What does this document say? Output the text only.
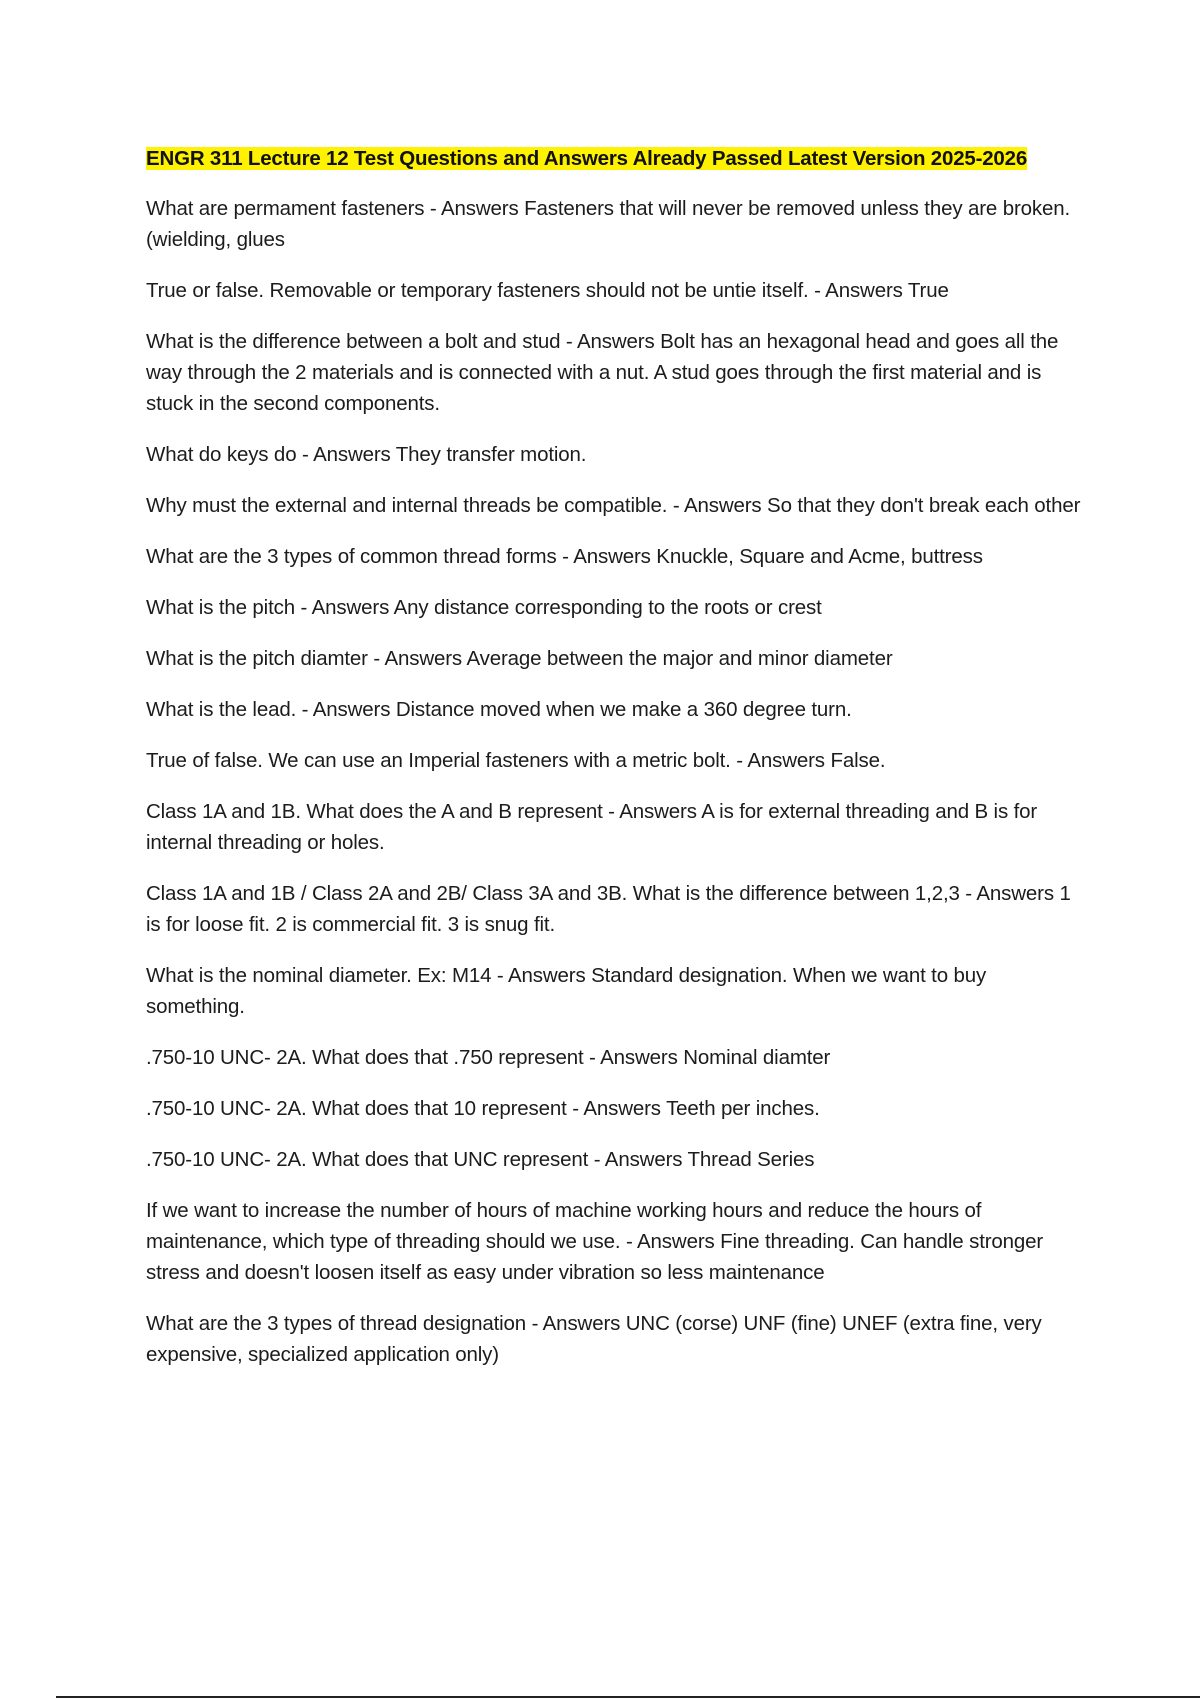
ENGR 311 Lecture 12 Test Questions and Answers Already Passed Latest Version 2025-2026

What are permament fasteners - Answers Fasteners that will never be removed unless they are broken. (wielding, glues

True or false. Removable or temporary fasteners should not be untie itself. - Answers True

What is the difference between a bolt and stud - Answers Bolt has an hexagonal head and goes all the way through the 2 materials and is connected with a nut. A stud goes through the first material and is stuck in the second components.

What do keys do - Answers They transfer motion.

Why must the external and internal threads be compatible. - Answers So that they don't break each other

What are the 3 types of common thread forms - Answers Knuckle, Square and Acme, buttress

What is the pitch - Answers Any distance corresponding to the roots or crest

What is the pitch diamter - Answers Average between the major and minor diameter

What is the lead. - Answers Distance moved when we make a 360 degree turn.

True of false. We can use an Imperial fasteners with a metric bolt. - Answers False.

Class 1A and 1B. What does the A and B represent - Answers A is for external threading and B is for internal threading or holes.

Class 1A and 1B / Class 2A and 2B/ Class 3A and 3B. What is the difference between 1,2,3 - Answers 1 is for loose fit. 2 is commercial fit. 3 is snug fit.

What is the nominal diameter. Ex: M14 - Answers Standard designation. When we want to buy something.

.750-10 UNC- 2A. What does that .750 represent - Answers Nominal diamter

.750-10 UNC- 2A. What does that 10 represent - Answers Teeth per inches.

.750-10 UNC- 2A. What does that UNC represent - Answers Thread Series

If we want to increase the number of hours of machine working hours and reduce the hours of maintenance, which type of threading should we use. - Answers Fine threading. Can handle stronger stress and doesn't loosen itself as easy under vibration so less maintenance

What are the 3 types of thread designation - Answers UNC (corse) UNF (fine) UNEF (extra fine, very expensive, specialized application only)
